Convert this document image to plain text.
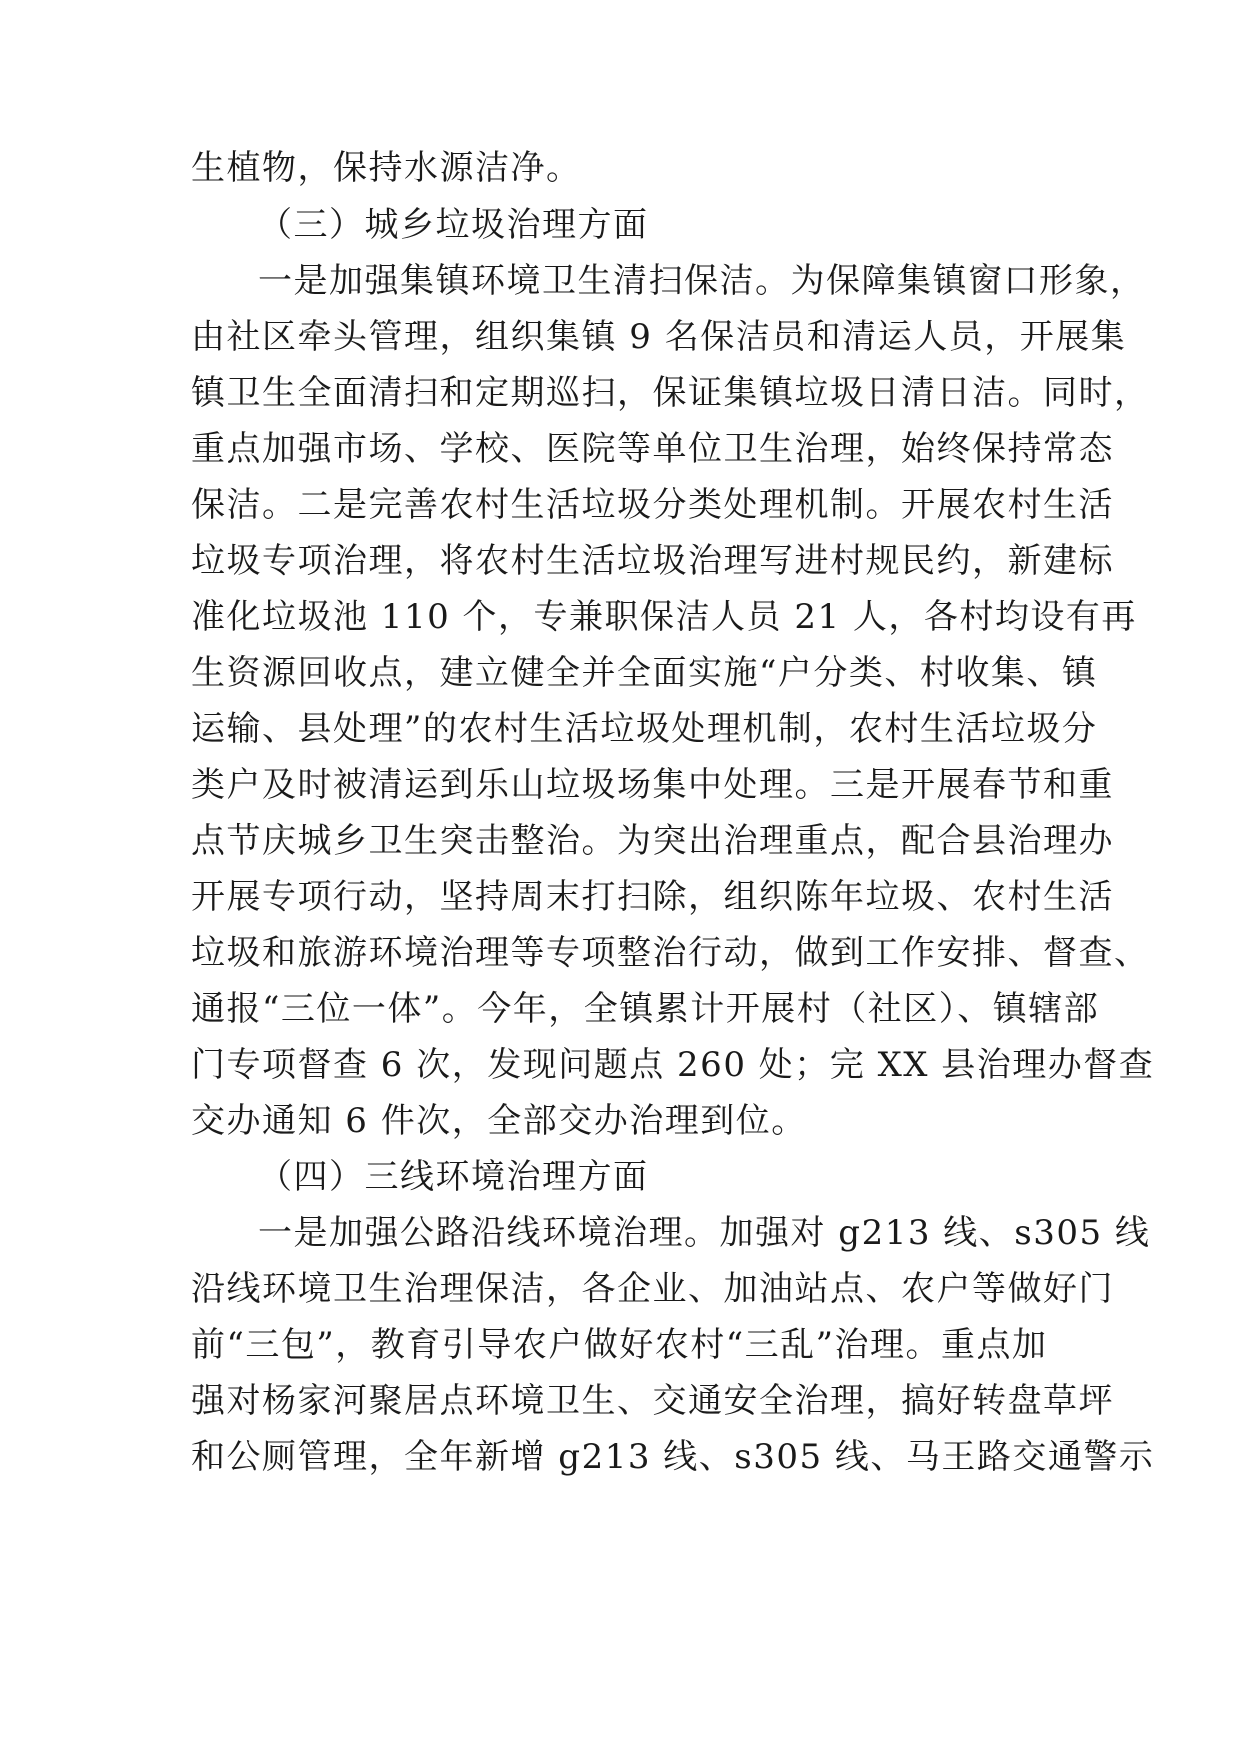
生植物，保持水源洁净。
（三）城乡垃圾治理方面
一是加强集镇环境卫生清扫保洁。为保障集镇窗口形象，
由社区牵头管理，组织集镇 9 名保洁员和清运人员，开展集
镇卫生全面清扫和定期巡扫，保证集镇垃圾日清日洁。同时，
重点加强市场、学校、医院等单位卫生治理，始终保持常态
保洁。二是完善农村生活垃圾分类处理机制。开展农村生活
垃圾专项治理，将农村生活垃圾治理写进村规民约，新建标
准化垃圾池 110 个，专兼职保洁人员 21 人，各村均设有再
生资源回收点，建立健全并全面实施“户分类、村收集、镇
运输、县处理”的农村生活垃圾处理机制，农村生活垃圾分
类户及时被清运到乐山垃圾场集中处理。三是开展春节和重
点节庆城乡卫生突击整治。为突出治理重点，配合县治理办
开展专项行动，坚持周末打扫除，组织陈年垃圾、农村生活
垃圾和旅游环境治理等专项整治行动，做到工作安排、督查、
通报“三位一体”。今年，全镇累计开展村（社区）、镇辖部
门专项督查 6 次，发现问题点 260 处；完 XX 县治理办督查
交办通知 6 件次，全部交办治理到位。
（四）三线环境治理方面
一是加强公路沿线环境治理。加强对 g213 线、s305 线
沿线环境卫生治理保洁，各企业、加油站点、农户等做好门
前“三包”，教育引导农户做好农村“三乱”治理。重点加
强对杨家河聚居点环境卫生、交通安全治理，搞好转盘草坪
和公厕管理，全年新增 g213 线、s305 线、马王路交通警示
